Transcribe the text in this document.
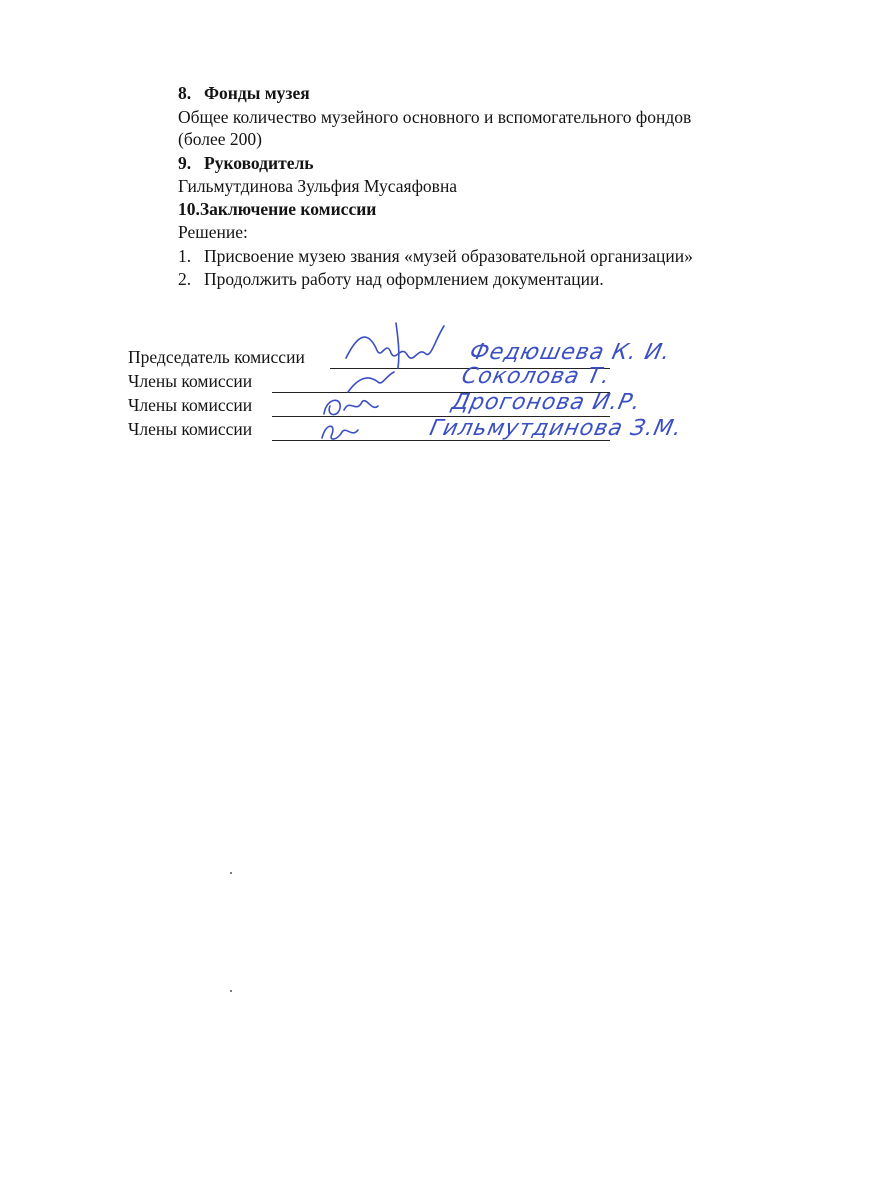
8. Фонды музея
Общее количество музейного основного и вспомогательного фондов
(более 200)
9. Руководитель
Гильмутдинова Зульфия Мусаяфовна
10.Заключение комиссии
Решение:
1. Присвоение музею звания «музей образовательной организации»
2. Продолжить работу над оформлением документации.
Председатель комиссии
Члены комиссии
Члены комиссии
Члены комиссии
Федюшева К. И.
Соколова Т.
Дрогонова И.Р.
Гильмутдинова З.М.
